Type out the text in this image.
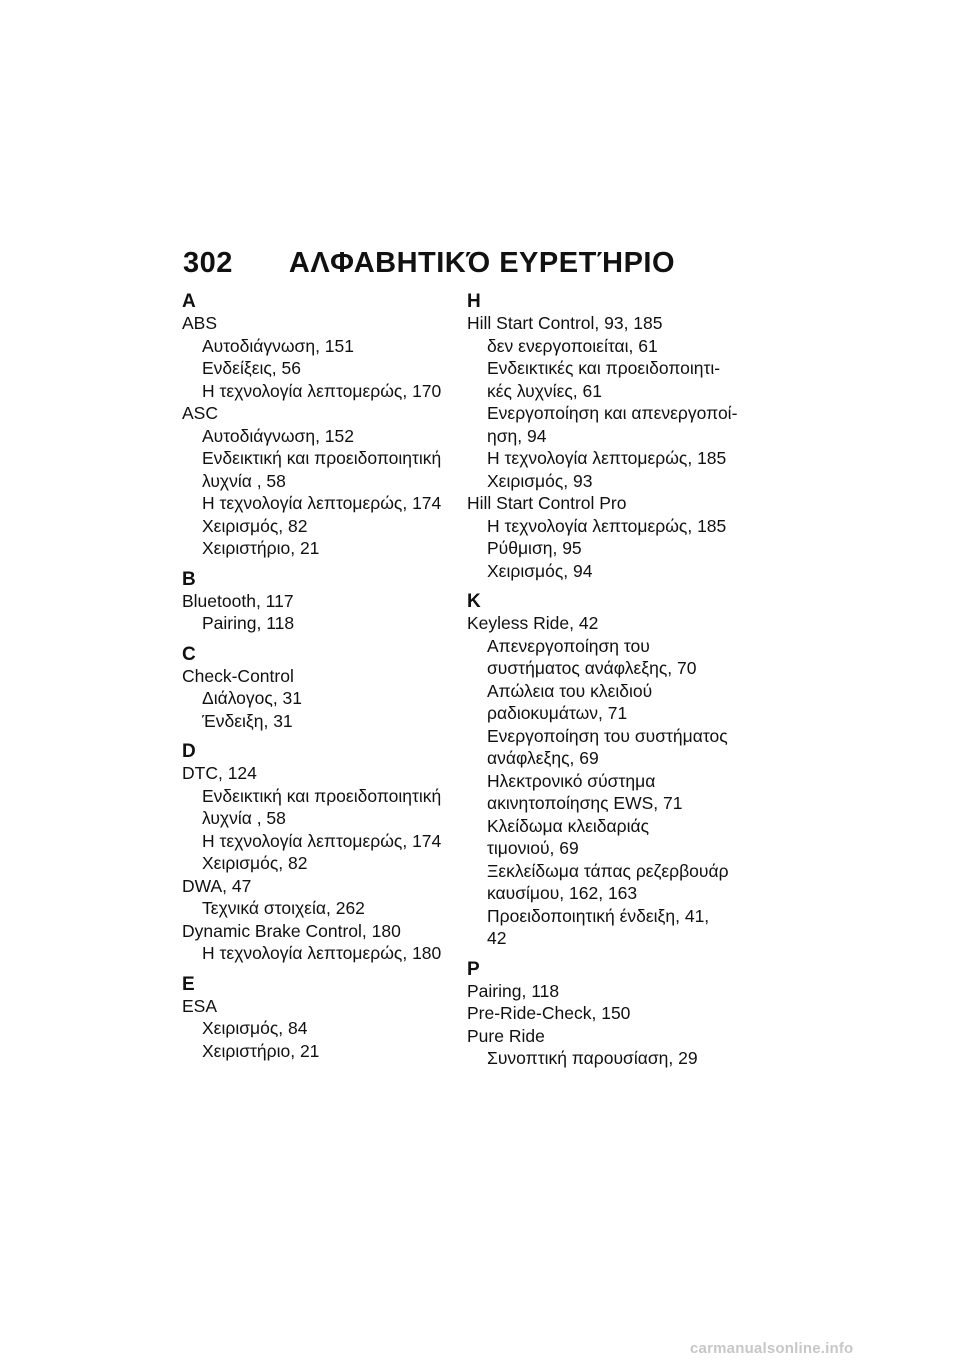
302 ΑΛΦΑΒΗΤΙΚΌ ΕΥΡΕΤΉΡΙΟ
A
ABS
Αυτοδιάγνωση, 151
Ενδείξεις, 56
Η τεχνολογία λεπτομερώς, 170
ASC
Αυτοδιάγνωση, 152
Ενδεικτική και προειδοποιητική
λυχνία , 58
Η τεχνολογία λεπτομερώς, 174
Χειρισμός, 82
Χειριστήριο, 21
B
Bluetooth, 117
Pairing, 118
C
Check-Control
Διάλογος, 31
Ένδειξη, 31
D
DTC, 124
Ενδεικτική και προειδοποιητική
λυχνία , 58
Η τεχνολογία λεπτομερώς, 174
Χειρισμός, 82
DWA, 47
Τεχνικά στοιχεία, 262
Dynamic Brake Control, 180
Η τεχνολογία λεπτομερώς, 180
E
ESA
Χειρισμός, 84
Χειριστήριο, 21
H
Hill Start Control, 93, 185
δεν ενεργοποιείται, 61
Ενδεικτικές και προειδοποιητι-
κές λυχνίες, 61
Ενεργοποίηση και απενεργοποί-
ηση, 94
Η τεχνολογία λεπτομερώς, 185
Χειρισμός, 93
Hill Start Control Pro
Η τεχνολογία λεπτομερώς, 185
Ρύθμιση, 95
Χειρισμός, 94
K
Keyless Ride, 42
Απενεργοποίηση του
συστήματος ανάφλεξης, 70
Απώλεια του κλειδιού
ραδιοκυμάτων, 71
Ενεργοποίηση του συστήματος
ανάφλεξης, 69
Ηλεκτρονικό σύστημα
ακινητοποίησης EWS, 71
Κλείδωμα κλειδαριάς
τιμονιού, 69
Ξεκλείδωμα τάπας ρεζερβουάρ
καυσίμου, 162, 163
Προειδοποιητική ένδειξη, 41,
42
P
Pairing, 118
Pre-Ride-Check, 150
Pure Ride
Συνοπτική παρουσίαση, 29
carmanualsonline.info
